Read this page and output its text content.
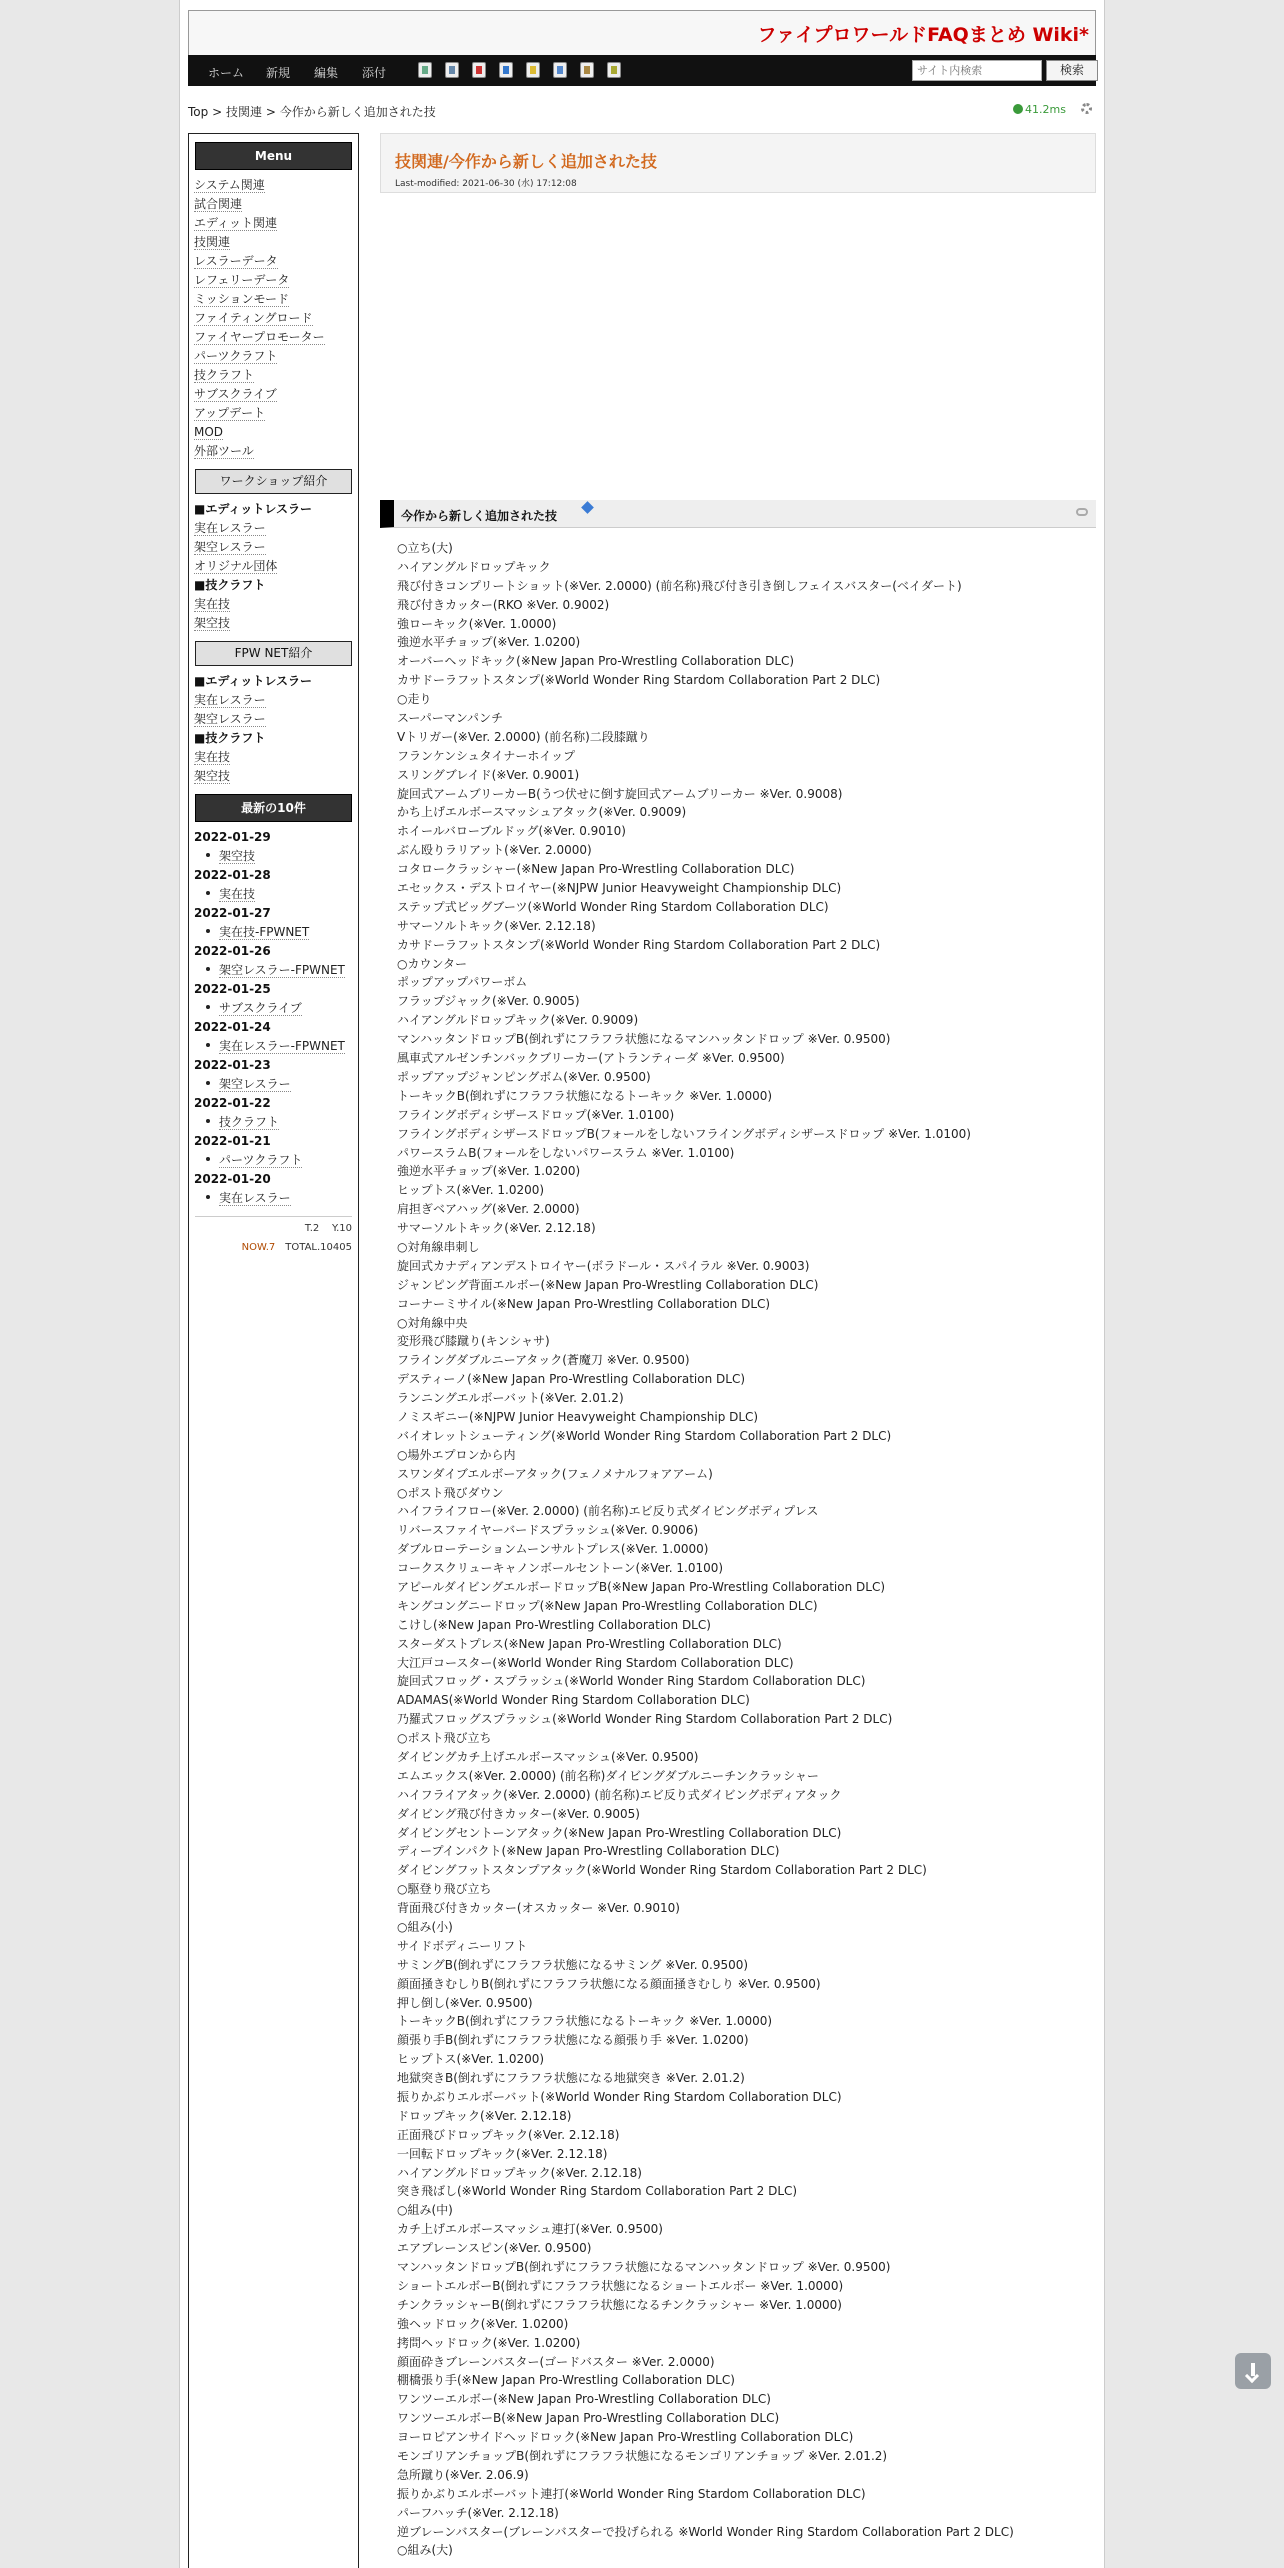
ファイプロワールドFAQまとめ Wiki*
ホーム 新規 編集 添付
サイト内検索	検索
Top > 技関連 > 今作から新しく追加された技	41.2ms
Menu
システム関連
試合関連
エディット関連
技関連
レスラーデータ
レフェリーデータ
ミッションモード
ファイティングロード
ファイヤープロモーター
パーツクラフト
技クラフト
サブスクライブ
アップデート
MOD
外部ツール
ワークショップ紹介
■エディットレスラー
実在レスラー
架空レスラー
オリジナル団体
■技クラフト
実在技
架空技
FPW NET紹介
■エディットレスラー
実在レスラー
架空レスラー
■技クラフト
実在技
架空技
最新の10件
2022-01-29
架空技
2022-01-28
実在技
2022-01-27
実在技-FPWNET
2022-01-26
架空レスラー-FPWNET
2022-01-25
サブスクライブ
2022-01-24
実在レスラー-FPWNET
2022-01-23
架空レスラー
2022-01-22
技クラフト
2022-01-21
パーツクラフト
2022-01-20
実在レスラー
T.2 Y.10
NOW.7 TOTAL.10405
技関連/今作から新しく追加された技
Last-modified: 2021-06-30 (水) 17:12:08
今作から新しく追加された技
○立ち(大)
ハイアングルドロップキック
飛び付きコンプリートショット(※Ver. 2.0000) (前名称)飛び付き引き倒しフェイスバスター(ベイダート)
飛び付きカッター(RKO ※Ver. 0.9002)
強ローキック(※Ver. 1.0000)
強逆水平チョップ(※Ver. 1.0200)
オーバーヘッドキック(※New Japan Pro-Wrestling Collaboration DLC)
カサドーラフットスタンプ(※World Wonder Ring Stardom Collaboration Part 2 DLC)
○走り
スーパーマンパンチ
Vトリガー(※Ver. 2.0000) (前名称)二段膝蹴り
フランケンシュタイナーホイップ
スリングブレイド(※Ver. 0.9001)
旋回式アームブリーカーB(うつ伏せに倒す旋回式アームブリーカー ※Ver. 0.9008)
かち上げエルボースマッシュアタック(※Ver. 0.9009)
ホイールバローブルドッグ(※Ver. 0.9010)
ぶん殴りラリアット(※Ver. 2.0000)
コタロークラッシャー(※New Japan Pro-Wrestling Collaboration DLC)
エセックス・デストロイヤー(※NJPW Junior Heavyweight Championship DLC)
ステップ式ビッグブーツ(※World Wonder Ring Stardom Collaboration DLC)
サマーソルトキック(※Ver. 2.12.18)
カサドーラフットスタンプ(※World Wonder Ring Stardom Collaboration Part 2 DLC)
○カウンター
ポップアップパワーボム
フラップジャック(※Ver. 0.9005)
ハイアングルドロップキック(※Ver. 0.9009)
マンハッタンドロップB(倒れずにフラフラ状態になるマンハッタンドロップ ※Ver. 0.9500)
風車式アルゼンチンバックブリーカー(アトランティーダ ※Ver. 0.9500)
ポップアップジャンピングボム(※Ver. 0.9500)
トーキックB(倒れずにフラフラ状態になるトーキック ※Ver. 1.0000)
フライングボディシザースドロップ(※Ver. 1.0100)
フライングボディシザースドロップB(フォールをしないフライングボディシザースドロップ ※Ver. 1.0100)
パワースラムB(フォールをしないパワースラム ※Ver. 1.0100)
強逆水平チョップ(※Ver. 1.0200)
ヒップトス(※Ver. 1.0200)
肩担ぎベアハッグ(※Ver. 2.0000)
サマーソルトキック(※Ver. 2.12.18)
○対角線串刺し
旋回式カナディアンデストロイヤー(ボラドール・スパイラル ※Ver. 0.9003)
ジャンピング背面エルボー(※New Japan Pro-Wrestling Collaboration DLC)
コーナーミサイル(※New Japan Pro-Wrestling Collaboration DLC)
○対角線中央
変形飛び膝蹴り(キンシャサ)
フライングダブルニーアタック(蒼魔刀 ※Ver. 0.9500)
デスティーノ(※New Japan Pro-Wrestling Collaboration DLC)
ランニングエルボーバット(※Ver. 2.01.2)
ノミスギニー(※NJPW Junior Heavyweight Championship DLC)
バイオレットシューティング(※World Wonder Ring Stardom Collaboration Part 2 DLC)
○場外エプロンから内
スワンダイブエルボーアタック(フェノメナルフォアアーム)
○ポスト飛びダウン
ハイフライフロー(※Ver. 2.0000) (前名称)エビ反り式ダイビングボディプレス
リバースファイヤーバードスプラッシュ(※Ver. 0.9006)
ダブルローテーションムーンサルトプレス(※Ver. 1.0000)
コークスクリューキャノンボールセントーン(※Ver. 1.0100)
アピールダイビングエルボードロップB(※New Japan Pro-Wrestling Collaboration DLC)
キングコングニードロップ(※New Japan Pro-Wrestling Collaboration DLC)
こけし(※New Japan Pro-Wrestling Collaboration DLC)
スターダストプレス(※New Japan Pro-Wrestling Collaboration DLC)
大江戸コースター(※World Wonder Ring Stardom Collaboration DLC)
旋回式フロッグ・スプラッシュ(※World Wonder Ring Stardom Collaboration DLC)
ADAMAS(※World Wonder Ring Stardom Collaboration DLC)
乃羅式フロッグスプラッシュ(※World Wonder Ring Stardom Collaboration Part 2 DLC)
○ポスト飛び立ち
ダイビングカチ上げエルボースマッシュ(※Ver. 0.9500)
エムエックス(※Ver. 2.0000) (前名称)ダイビングダブルニーチンクラッシャー
ハイフライアタック(※Ver. 2.0000) (前名称)エビ反り式ダイビングボディアタック
ダイビング飛び付きカッター(※Ver. 0.9005)
ダイビングセントーンアタック(※New Japan Pro-Wrestling Collaboration DLC)
ディープインパクト(※New Japan Pro-Wrestling Collaboration DLC)
ダイビングフットスタンプアタック(※World Wonder Ring Stardom Collaboration Part 2 DLC)
○駆登り飛び立ち
背面飛び付きカッター(オスカッター ※Ver. 0.9010)
○組み(小)
サイドボディニーリフト
サミングB(倒れずにフラフラ状態になるサミング ※Ver. 0.9500)
顔面掻きむしりB(倒れずにフラフラ状態になる顔面掻きむしり ※Ver. 0.9500)
押し倒し(※Ver. 0.9500)
トーキックB(倒れずにフラフラ状態になるトーキック ※Ver. 1.0000)
顔張り手B(倒れずにフラフラ状態になる顔張り手 ※Ver. 1.0200)
ヒップトス(※Ver. 1.0200)
地獄突きB(倒れずにフラフラ状態になる地獄突き ※Ver. 2.01.2)
振りかぶりエルボーバット(※World Wonder Ring Stardom Collaboration DLC)
ドロップキック(※Ver. 2.12.18)
正面飛びドロップキック(※Ver. 2.12.18)
一回転ドロップキック(※Ver. 2.12.18)
ハイアングルドロップキック(※Ver. 2.12.18)
突き飛ばし(※World Wonder Ring Stardom Collaboration Part 2 DLC)
○組み(中)
カチ上げエルボースマッシュ連打(※Ver. 0.9500)
エアプレーンスピン(※Ver. 0.9500)
マンハッタンドロップB(倒れずにフラフラ状態になるマンハッタンドロップ ※Ver. 0.9500)
ショートエルボーB(倒れずにフラフラ状態になるショートエルボー ※Ver. 1.0000)
チンクラッシャーB(倒れずにフラフラ状態になるチンクラッシャー ※Ver. 1.0000)
強ヘッドロック(※Ver. 1.0200)
拷問ヘッドロック(※Ver. 1.0200)
顔面砕きブレーンバスター(ゴードバスター ※Ver. 2.0000)
棚橋張り手(※New Japan Pro-Wrestling Collaboration DLC)
ワンツーエルボー(※New Japan Pro-Wrestling Collaboration DLC)
ワンツーエルボーB(※New Japan Pro-Wrestling Collaboration DLC)
ヨーロピアンサイドヘッドロック(※New Japan Pro-Wrestling Collaboration DLC)
モンゴリアンチョップB(倒れずにフラフラ状態になるモンゴリアンチョップ ※Ver. 2.01.2)
急所蹴り(※Ver. 2.06.9)
振りかぶりエルボーバット連打(※World Wonder Ring Stardom Collaboration DLC)
パーフハッチ(※Ver. 2.12.18)
逆ブレーンバスター(ブレーンバスターで投げられる ※World Wonder Ring Stardom Collaboration Part 2 DLC)
○組み(大)
